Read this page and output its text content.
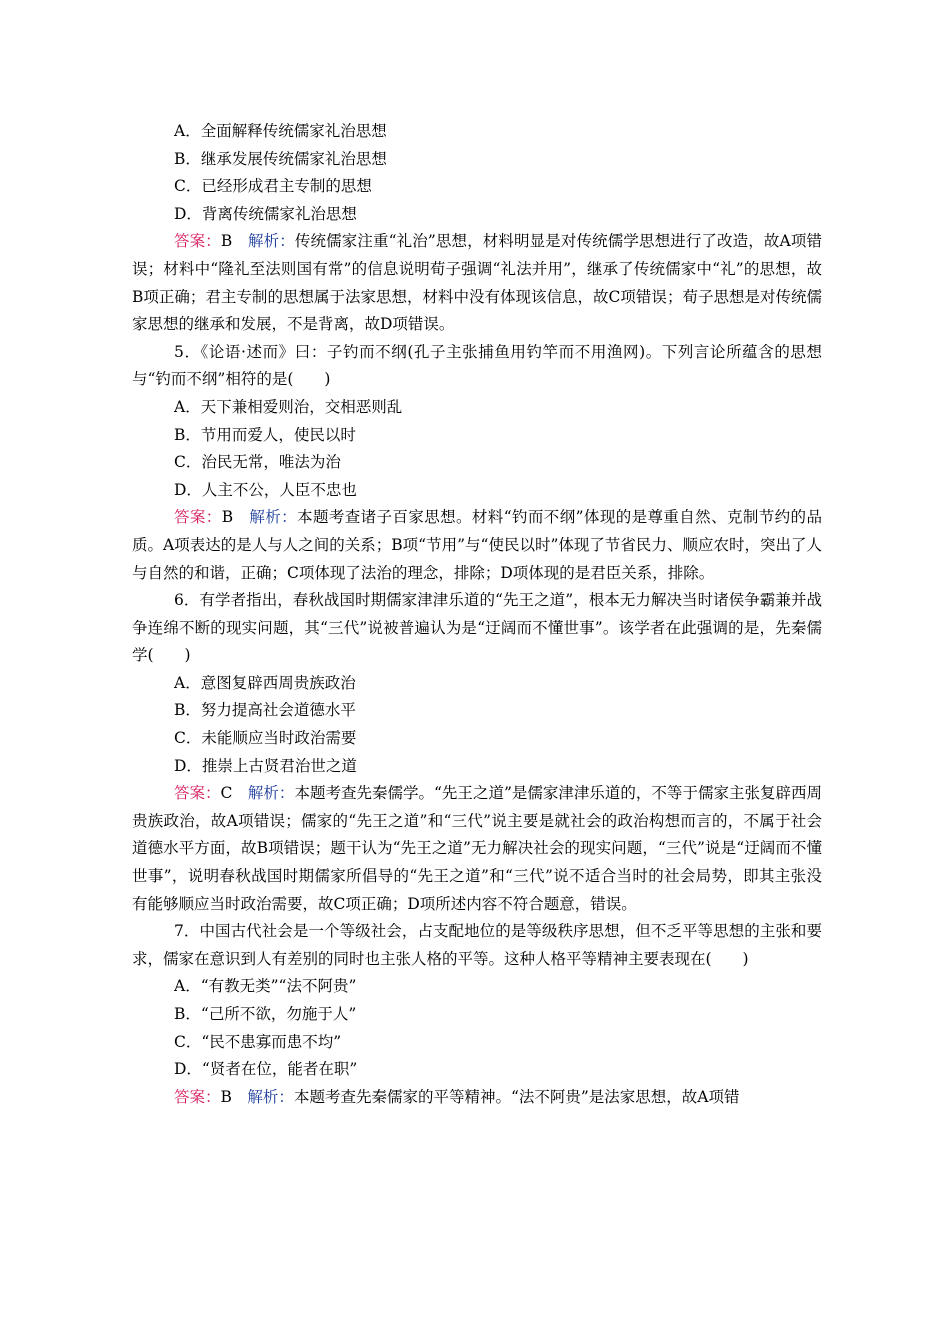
A．全面解释传统儒家礼治思想
B．继承发展传统儒家礼治思想
C．已经形成君主专制的思想
D．背离传统儒家礼治思想

答案：B　 解析：传统儒家注重“礼治”思想，材料明显是对传统儒学思想进行了改造，故A项错误；材料中“隆礼至法则国有常”的信息说明荀子强调“礼法并用”，继承了传统儒家中“礼”的思想，故B项正确；君主专制的思想属于法家思想，材料中没有体现该信息，故C项错误；荀子思想是对传统儒家思想的继承和发展，不是背离，故D项错误。

5．《论语·述而》曰：子钓而不纲(孔子主张捕鱼用钓竿而不用渔网)。下列言论所蕴含的思想与“钓而不纲”相符的是(　　)

A．天下兼相爱则治，交相恶则乱
B．节用而爱人，使民以时
C．治民无常，唯法为治
D．人主不公，人臣不忠也

答案：B　 解析：本题考查诸子百家思想。材料“钓而不纲”体现的是尊重自然、克制节约的品质。A项表达的是人与人之间的关系；B项“节用”与“使民以时”体现了节省民力、顺应农时，突出了人与自然的和谐，正确；C项体现了法治的理念，排除；D项体现的是君臣关系，排除。

6．有学者指出，春秋战国时期儒家津津乐道的“先王之道”，根本无力解决当时诸侯争霸兼并战争连绵不断的现实问题，其“三代”说被普遍认为是“迂阔而不懂世事”。该学者在此强调的是，先秦儒学(　　)

A．意图复辟西周贵族政治
B．努力提高社会道德水平
C．未能顺应当时政治需要
D．推崇上古贤君治世之道

答案：C　 解析：本题考查先秦儒学。“先王之道”是儒家津津乐道的，不等于儒家主张复辟西周贵族政治，故A项错误；儒家的“先王之道”和“三代”说主要是就社会的政治构想而言的，不属于社会道德水平方面，故B项错误；题干认为“先王之道”无力解决社会的现实问题，“三代”说是“迂阔而不懂世事”，说明春秋战国时期儒家所倡导的“先王之道”和“三代”说不适合当时的社会局势，即其主张没有能够顺应当时政治需要，故C项正确；D项所述内容不符合题意，错误。

7．中国古代社会是一个等级社会，占支配地位的是等级秩序思想，但不乏平等思想的主张和要求，儒家在意识到人有差别的同时也主张人格的平等。这种人格平等精神主要表现在(　　)

A．“有教无类”“法不阿贵”
B．“己所不欲，勿施于人”
C．“民不患寡而患不均”
D．“贤者在位，能者在职”

答案：B　 解析：本题考查先秦儒家的平等精神。“法不阿贵”是法家思想，故A项错
